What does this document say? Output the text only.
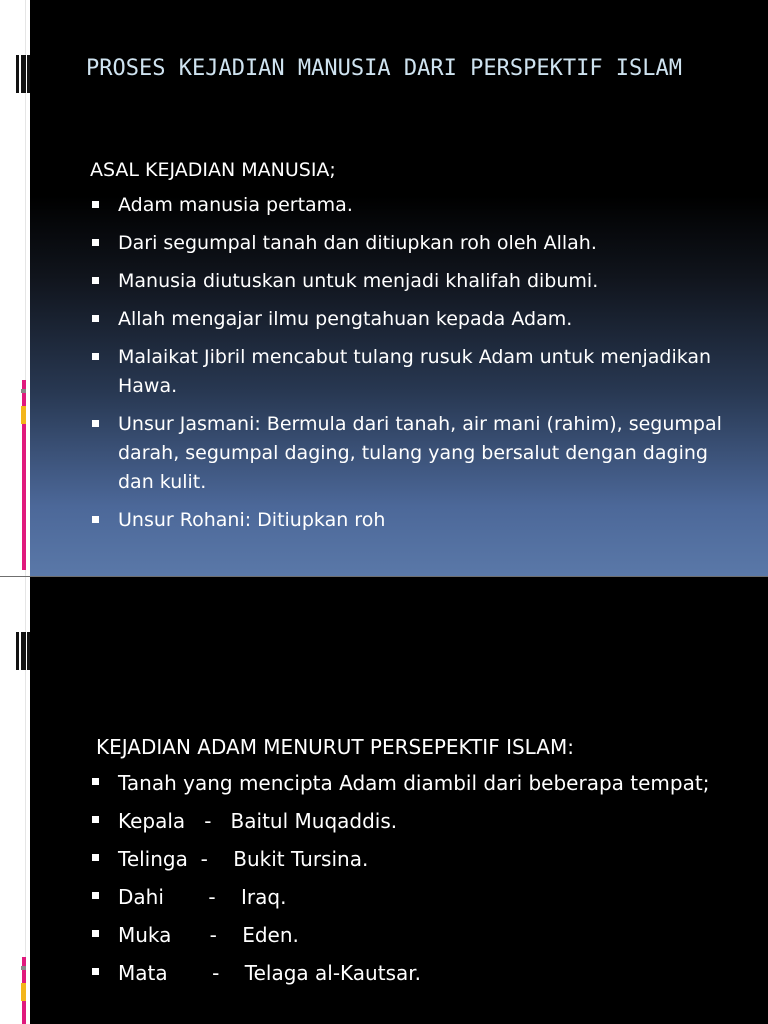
PROSES KEJADIAN MANUSIA DARI PERSPEKTIF ISLAM

ASAL KEJADIAN MANUSIA;

Adam manusia pertama.
Dari segumpal tanah dan ditiupkan roh oleh Allah.
Manusia diutuskan untuk menjadi khalifah dibumi.
Allah mengajar ilmu pengtahuan kepada Adam.
Malaikat Jibril mencabut tulang rusuk Adam untuk menjadikan Hawa.
Unsur Jasmani: Bermula dari tanah, air mani (rahim), segumpal darah, segumpal daging, tulang yang bersalut dengan daging dan kulit.
Unsur Rohani: Ditiupkan roh

KEJADIAN ADAM MENURUT PERSEPEKTIF ISLAM:

Tanah yang mencipta Adam diambil dari beberapa tempat;
Kepala   -   Baitul Muqaddis.
Telinga  -    Bukit Tursina.
Dahi       -    Iraq.
Muka      -    Eden.
Mata       -    Telaga al-Kautsar.
